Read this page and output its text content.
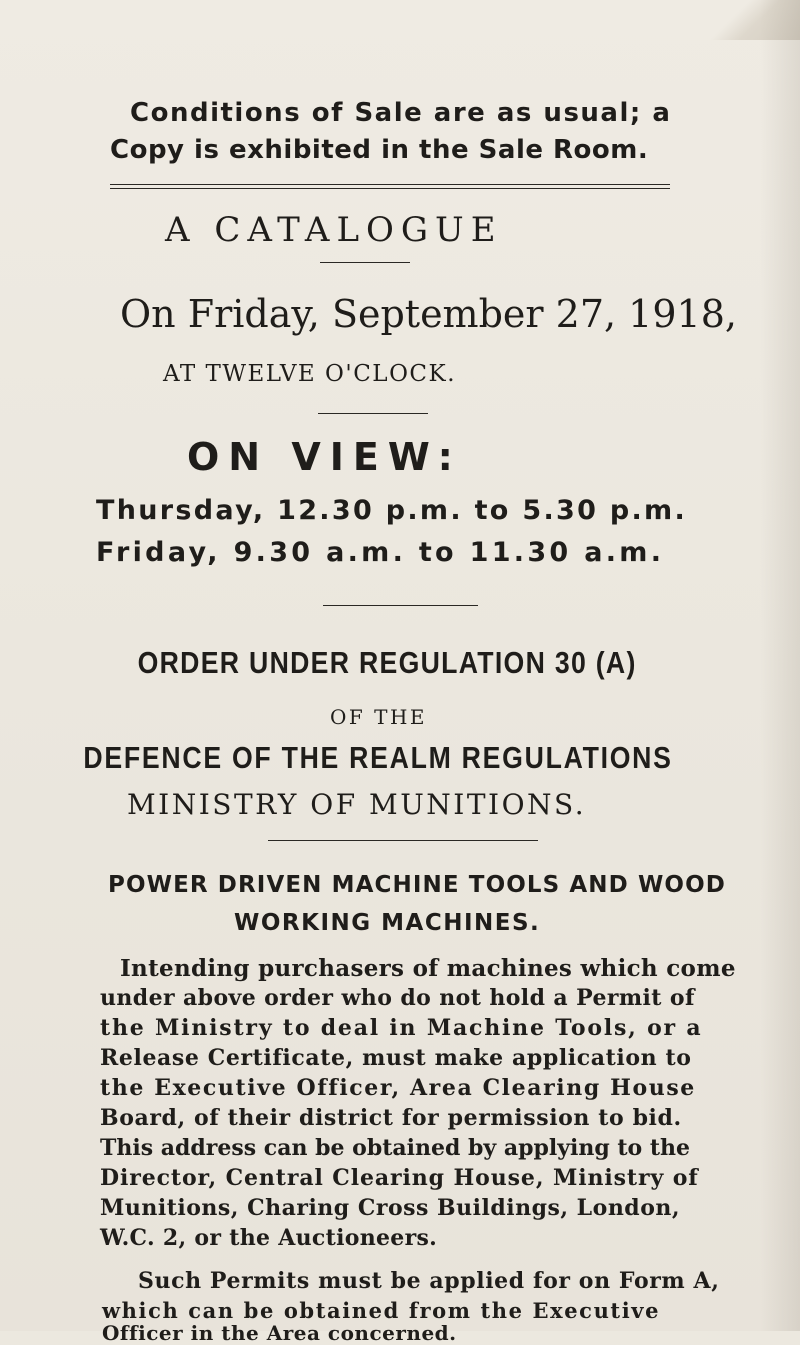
Conditions of Sale are as usual; a
Copy is exhibited in the Sale Room.
A CATALOGUE
On Friday, September 27, 1918,
AT TWELVE O'CLOCK.
ON VIEW:
Thursday, 12.30 p.m. to 5.30 p.m.
Friday, 9.30 a.m. to 11.30 a.m.
ORDER UNDER REGULATION 30 (A)
OF THE
DEFENCE OF THE REALM REGULATIONS
MINISTRY OF MUNITIONS.
POWER DRIVEN MACHINE TOOLS AND WOOD
WORKING MACHINES.
Intending purchasers of machines which come
under above order who do not hold a Permit of
the Ministry to deal in Machine Tools, or a
Release Certificate, must make application to
the Executive Officer, Area Clearing House
Board, of their district for permission to bid.
This address can be obtained by applying to the
Director, Central Clearing House, Ministry of
Munitions, Charing Cross Buildings, London,
W.C. 2, or the Auctioneers.
Such Permits must be applied for on Form A,
which can be obtained from the Executive
Officer in the Area concerned.
